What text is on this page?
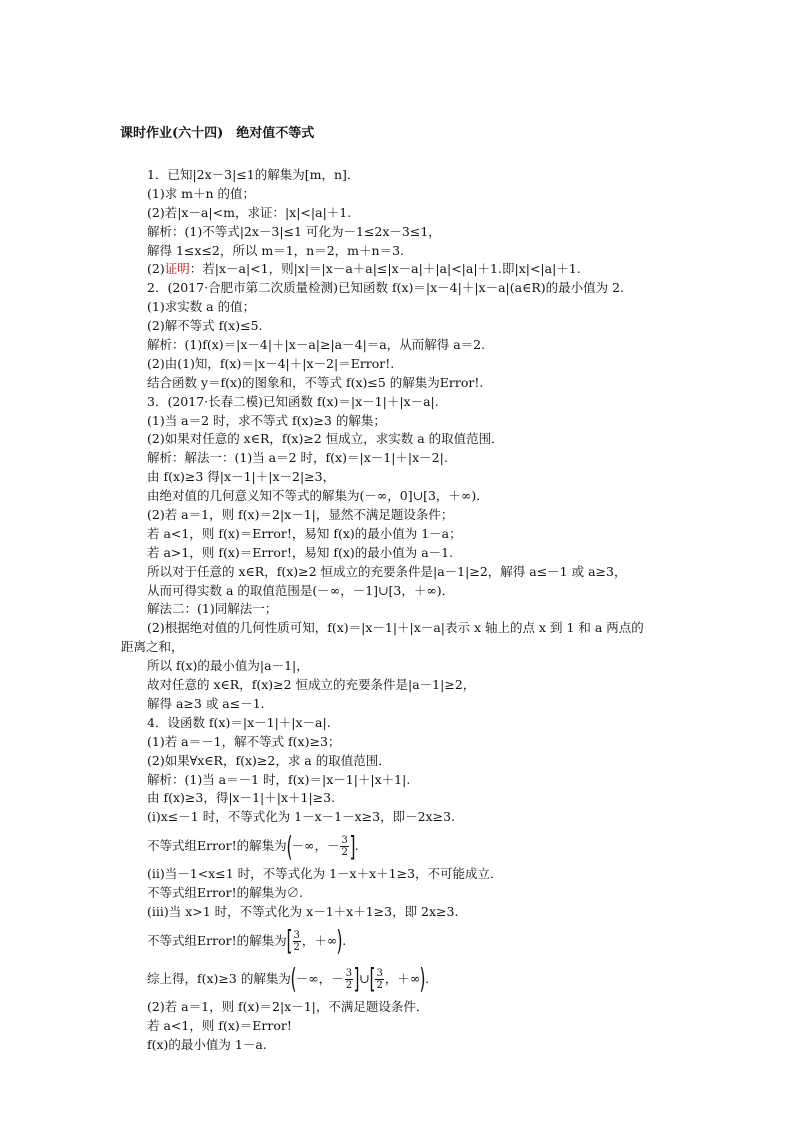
课时作业(六十四)　绝对值不等式
1．已知|2x－3|≤1的解集为[m，n]．
(1)求 m＋n 的值；
(2)若|x－a|<m，求证：|x|<|a|＋1.
解析：(1)不等式|2x－3|≤1 可化为－1≤2x－3≤1，
解得 1≤x≤2，所以 m＝1，n＝2，m＋n＝3.
(2)证明：若|x－a|<1，则|x|＝|x－a＋a|≤|x－a|＋|a|<|a|＋1.即|x|<|a|＋1.
2．(2017·合肥市第二次质量检测)已知函数 f(x)＝|x－4|＋|x－a|(a∈R)的最小值为 2.
(1)求实数 a 的值；
(2)解不等式 f(x)≤5.
解析：(1)f(x)＝|x－4|＋|x－a|≥|a－4|＝a，从而解得 a＝2.
(2)由(1)知，f(x)＝|x－4|＋|x－2|＝Error!.
结合函数 y＝f(x)的图象和，不等式 f(x)≤5 的解集为Error!.
3．(2017·长春二模)已知函数 f(x)＝|x－1|＋|x－a|.
(1)当 a＝2 时，求不等式 f(x)≥3 的解集；
(2)如果对任意的 x∈R，f(x)≥2 恒成立，求实数 a 的取值范围．
解析：解法一：(1)当 a＝2 时，f(x)＝|x－1|＋|x－2|.
由 f(x)≥3 得|x－1|＋|x－2|≥3，
由绝对值的几何意义知不等式的解集为(－∞，0]∪[3，＋∞)．
(2)若 a＝1，则 f(x)＝2|x－1|，显然不满足题设条件；
若 a<1，则 f(x)＝Error!，易知 f(x)的最小值为 1－a；
若 a>1，则 f(x)＝Error!，易知 f(x)的最小值为 a－1.
所以对于任意的 x∈R，f(x)≥2 恒成立的充要条件是|a－1|≥2，解得 a≤－1 或 a≥3，
从而可得实数 a 的取值范围是(－∞，－1]∪[3，＋∞)．
解法二：(1)同解法一；
(2)根据绝对值的几何性质可知，f(x)＝|x－1|＋|x－a|表示 x 轴上的点 x 到 1 和 a 两点的
距离之和，
所以 f(x)的最小值为|a－1|，
故对任意的 x∈R，f(x)≥2 恒成立的充要条件是|a－1|≥2，
解得 a≥3 或 a≤－1.
4．设函数 f(x)＝|x－1|＋|x－a|.
(1)若 a＝－1，解不等式 f(x)≥3；
(2)如果∀x∈R，f(x)≥2，求 a 的取值范围．
解析：(1)当 a＝－1 时，f(x)＝|x－1|＋|x＋1|.
由 f(x)≥3，得|x－1|＋|x＋1|≥3.
(ⅰ)x≤－1 时，不等式化为 1－x－1－x≥3，即－2x≥3.
不等式组Error!的解集为(－∞，－ $\frac{3}{2}$ ].
(ⅱ)当－1<x≤1 时，不等式化为 1－x＋x＋1≥3，不可能成立．
不等式组Error!的解集为∅.
(ⅲ)当 x>1 时，不等式化为 x－1＋x＋1≥3，即 2x≥3.
不等式组Error!的解集为[ $\frac{3}{2}$ ，＋∞).
综上得，f(x)≥3 的解集为(－∞，－ $\frac{3}{2}$ ]∪[ $\frac{3}{2}$ ，＋∞).
(2)若 a＝1，则 f(x)＝2|x－1|，不满足题设条件．
若 a<1，则 f(x)＝Error!
f(x)的最小值为 1－a.
